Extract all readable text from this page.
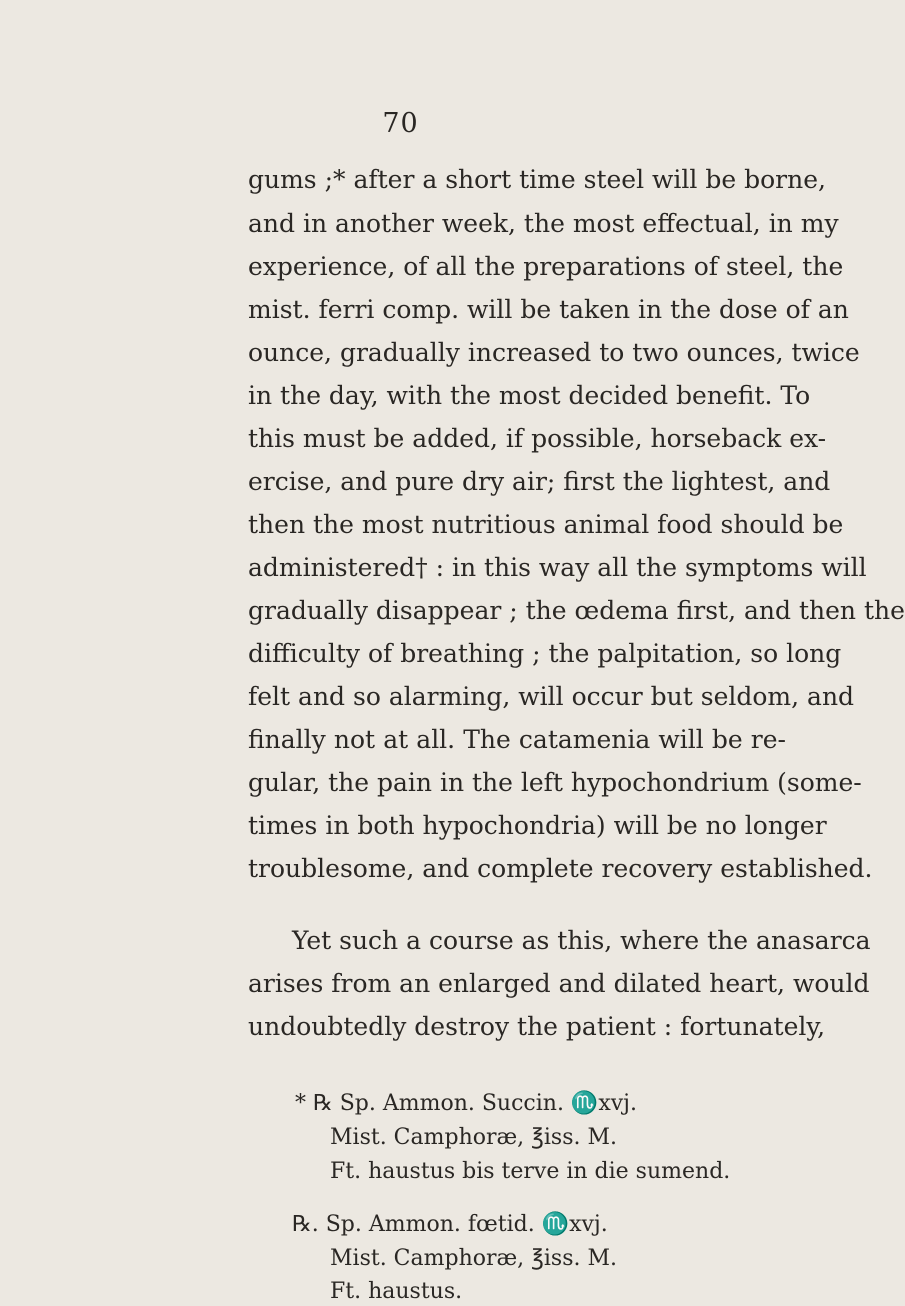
70
gums ;* after a short time steel will be borne,
and in another week, the most effectual, in my
experience, of all the preparations of steel, the
mist. ferri comp. will be taken in the dose of an
ounce, gradually increased to two ounces, twice
in the day, with the most decided benefit. To
this must be added, if possible, horseback ex-
ercise, and pure dry air; first the lightest, and
then the most nutritious animal food should be
administered† : in this way all the symptoms will
gradually disappear ; the œdema first, and then the
difficulty of breathing ; the palpitation, so long
felt and so alarming, will occur but seldom, and
finally not at all. The catamenia will be re-
gular, the pain in the left hypochondrium (some-
times in both hypochondria) will be no longer
troublesome, and complete recovery established.
Yet such a course as this, where the anasarca
arises from an enlarged and dilated heart, would
undoubtedly destroy the patient : fortunately,
* ℞ Sp. Ammon. Succin. ♏xvj.
Mist. Camphoræ, ℥iss. M.
Ft. haustus bis terve in die sumend.
℞. Sp. Ammon. fœtid. ♏xvj.
Mist. Camphoræ, ℥iss. M.
Ft. haustus.
